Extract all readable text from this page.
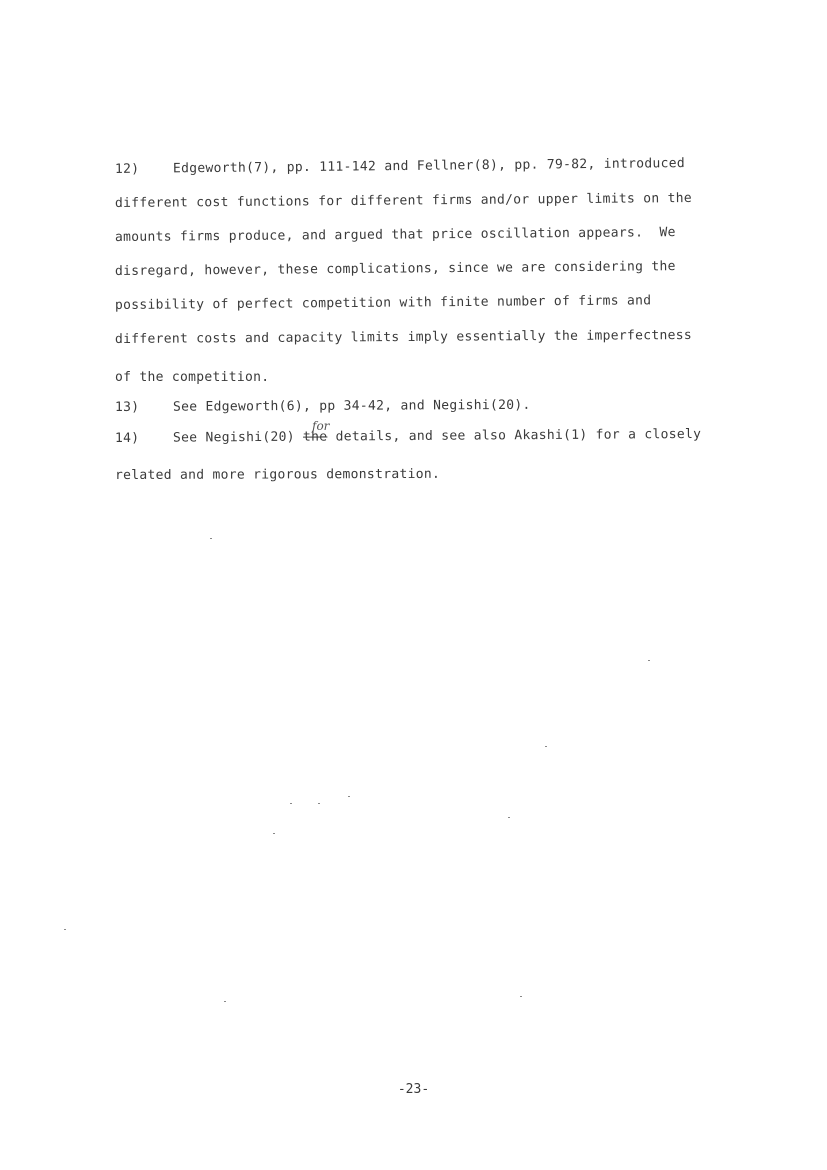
12)	Edgeworth(7), pp. 111-142 and Fellner(8), pp. 79-82, introduced
different cost functions for different firms and/or upper limits on the
amounts firms produce, and argued that price oscillation appears.  We
disregard, however, these complications, since we are considering the
possibility of perfect competition with finite number of firms and
different costs and capacity limits imply essentially the imperfectness
of the competition.
13)	See Edgeworth(6), pp 34-42, and Negishi(20).
for
14)	See Negishi(20) the details, and see also Akashi(1) for a closely
related and more rigorous demonstration.
-23-
